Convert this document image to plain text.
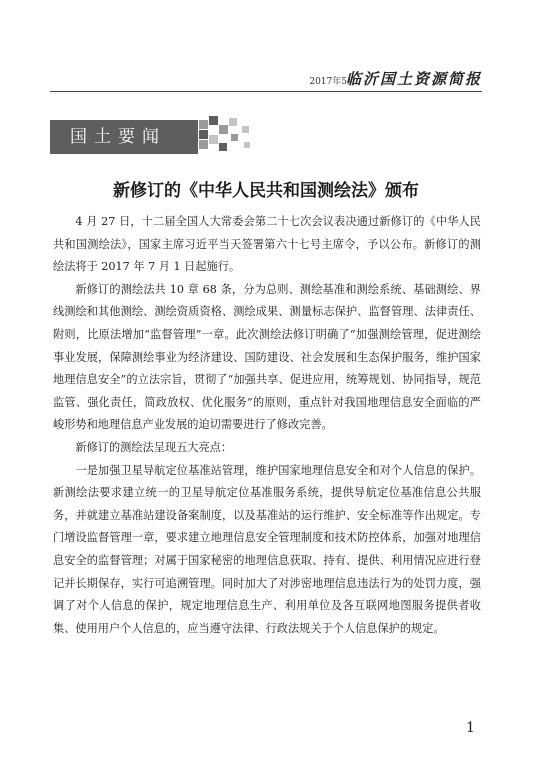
2017年5月
临沂国土资源简报
国土要闻
新修订的《中华人民共和国测绘法》颁布

4 月 27 日，十二届全国人大常委会第二十七次会议表决通过新修订的《中华人民共和国测绘法》，国家主席习近平当天签署第六十七号主席令，予以公布。新修订的测绘法将于 2017 年 7 月 1 日起施行。

新修订的测绘法共 10 章 68 条，分为总则、测绘基准和测绘系统、基础测绘、界线测绘和其他测绘、测绘资质资格、测绘成果、测量标志保护、监督管理、法律责任、附则，比原法增加“监督管理”一章。此次测绘法修订明确了“加强测绘管理，促进测绘事业发展，保障测绘事业为经济建设、国防建设、社会发展和生态保护服务，维护国家地理信息安全”的立法宗旨，贯彻了“加强共享、促进应用，统筹规划、协同指导，规范监管、强化责任，简政放权、优化服务”的原则，重点针对我国地理信息安全面临的严峻形势和地理信息产业发展的迫切需要进行了修改完善。

新修订的测绘法呈现五大亮点：

一是加强卫星导航定位基准站管理，维护国家地理信息安全和对个人信息的保护。新测绘法要求建立统一的卫星导航定位基准服务系统，提供导航定位基准信息公共服务，并就建立基准站建设备案制度，以及基准站的运行维护、安全标准等作出规定。专门增设监督管理一章，要求建立地理信息安全管理制度和技术防控体系，加强对地理信息安全的监督管理；对属于国家秘密的地理信息获取、持有、提供、利用情况应进行登记并长期保存，实行可追溯管理。同时加大了对涉密地理信息违法行为的处罚力度，强调了对个人信息的保护，规定地理信息生产、利用单位及各互联网地图服务提供者收集、使用用户个人信息的，应当遵守法律、行政法规关于个人信息保护的规定。

1
